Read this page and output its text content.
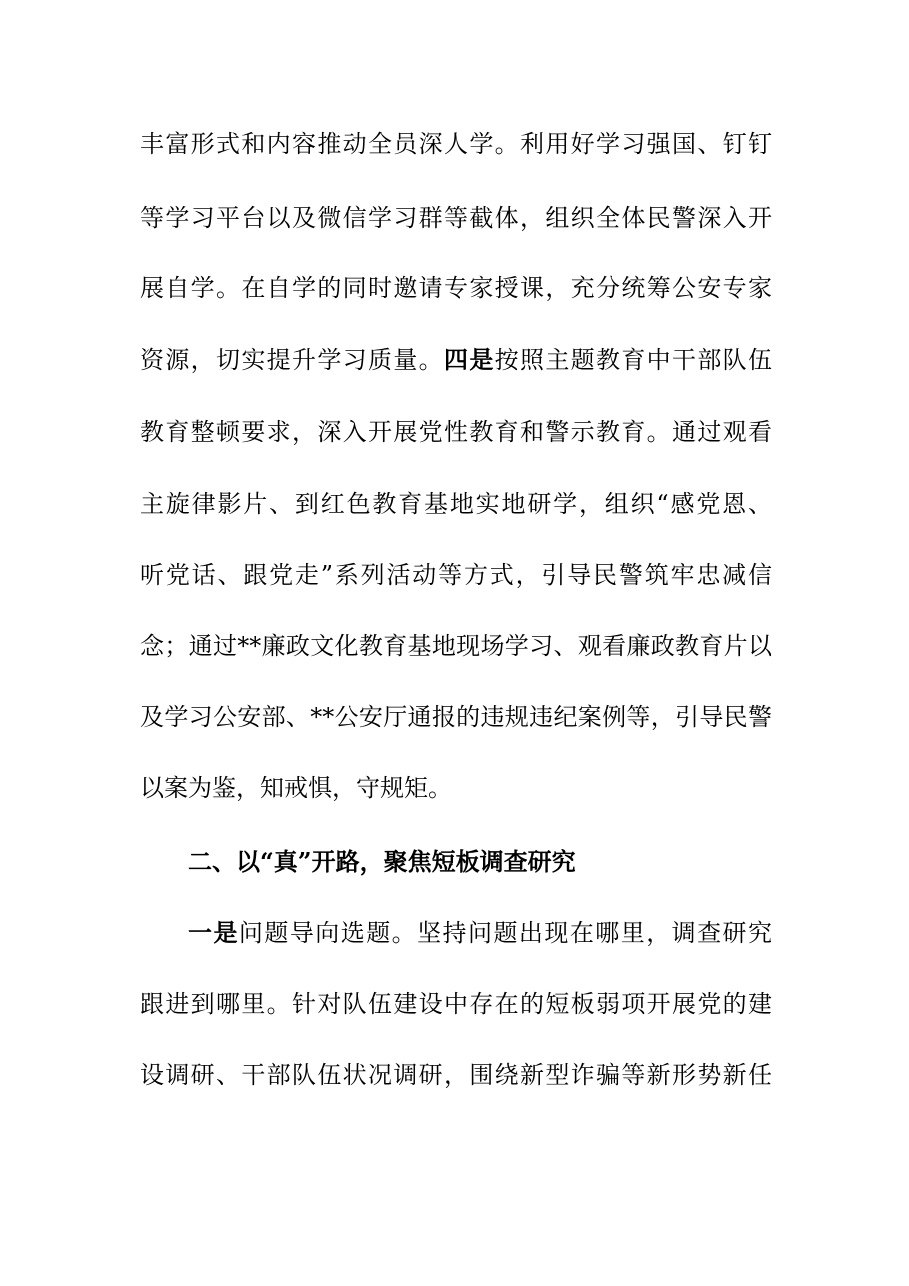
丰富形式和内容推动全员深人学。利用好学习强国、钉钉
等学习平台以及微信学习群等截体，组织全体民警深入开
展自学。在自学的同时邀请专家授课，充分统筹公安专家
资源，切实提升学习质量。四是按照主题教育中干部队伍
教育整顿要求，深入开展党性教育和警示教育。通过观看
主旋律影片、到红色教育基地实地研学，组织“感党恩、
听党话、跟党走”系列活动等方式，引导民警筑牢忠减信
念；通过**廉政文化教育基地现场学习、观看廉政教育片以
及学习公安部、**公安厅通报的违规违纪案例等，引导民警
以案为鉴，知戒惧，守规矩。
二、以“真”开路，聚焦短板调查研究
一是问题导向选题。坚持问题出现在哪里，调查研究
跟进到哪里。针对队伍建设中存在的短板弱项开展党的建
设调研、干部队伍状况调研，围绕新型诈骗等新形势新任
